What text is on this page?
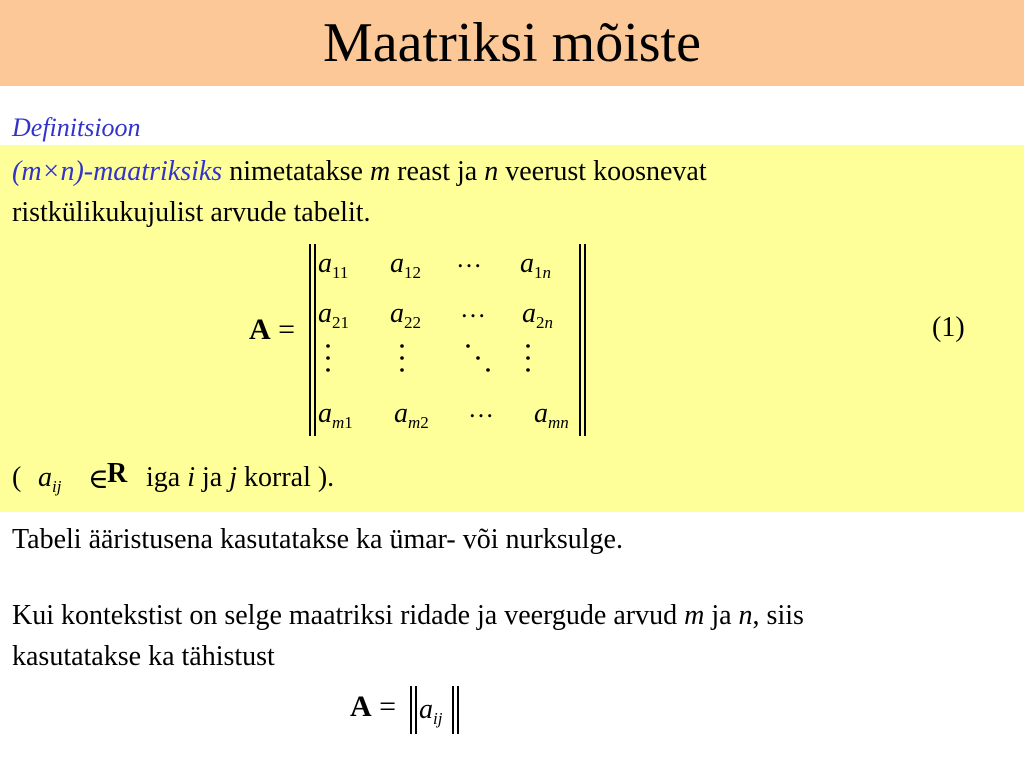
Maatriksi mõiste
Definitsioon
(m×n)-maatriksiks nimetatakse m reast ja n veerust koosnevat
ristkülikukujulist arvude tabelit.
A =
$a_{11}$ $a_{12}$ … $a_{1n}$
$a_{21}$ $a_{22}$ … $a_{2n}$
$a_{m1}$ $a_{m2}$ … $a_{mn}$
(1)
( $a_{ij}$ ∈
R iga i ja j korral ).
Tabeli ääristusena kasutatakse ka ümar- või nurksulge.
Kui kontekstist on selge maatriksi ridade ja veergude arvud m ja n, siis
kasutatakse ka tähistust
$A = a_{ij}$
